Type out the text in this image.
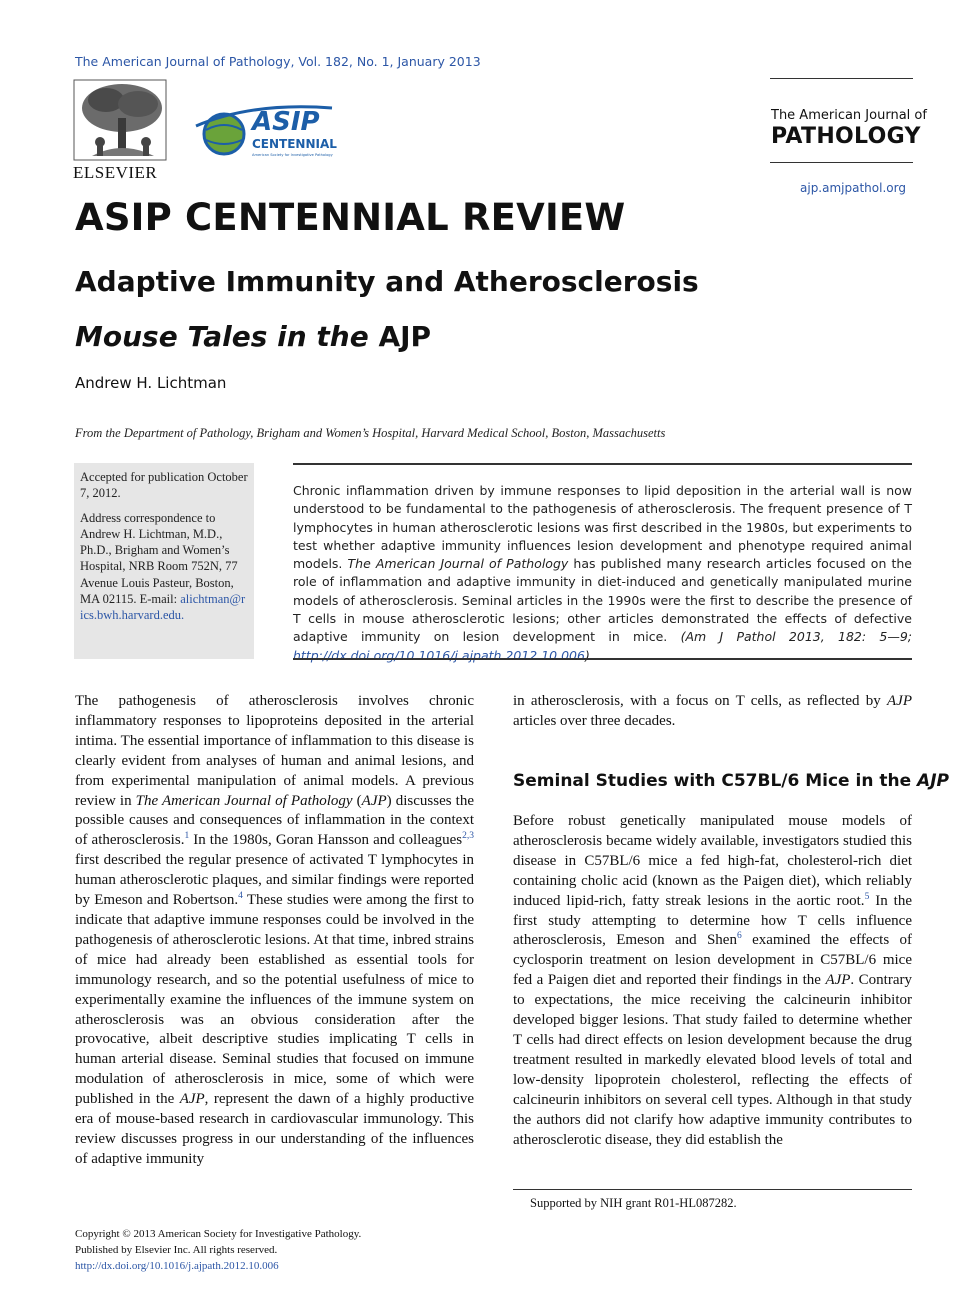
The American Journal of Pathology, Vol. 182, No. 1, January 2013
ELSEVIER
ASIP
CENTENNIAL
American Society for Investigative Pathology
The American Journal of
PATHOLOGY
ajp.amjpathol.org
ASIP CENTENNIAL REVIEW
Adaptive Immunity and Atherosclerosis
Mouse Tales in the AJP
Andrew H. Lichtman
From the Department of Pathology, Brigham and Women’s Hospital, Harvard Medical School, Boston, Massachusetts

Accepted for publication October 7, 2012.

Address correspondence to Andrew H. Lichtman, M.D., Ph.D., Brigham and Women’s Hospital, NRB Room 752N, 77 Avenue Louis Pasteur, Boston, MA 02115. E-mail: alichtman@rics.bwh.harvard.edu.

Chronic inflammation driven by immune responses to lipid deposition in the arterial wall is now understood to be fundamental to the pathogenesis of atherosclerosis. The frequent presence of T lymphocytes in human atherosclerotic lesions was first described in the 1980s, but experiments to test whether adaptive immunity influences lesion development and phenotype required animal models. The American Journal of Pathology has published many research articles focused on the role of inflammation and adaptive immunity in diet-induced and genetically manipulated murine models of atherosclerosis. Seminal articles in the 1990s were the first to describe the presence of T cells in mouse atherosclerotic lesions; other articles demonstrated the effects of defective adaptive immunity on lesion development in mice. (Am J Pathol 2013, 182: 5—9; http://dx.doi.org/10.1016/j.ajpath.2012.10.006)

The pathogenesis of atherosclerosis involves chronic inflammatory responses to lipoproteins deposited in the arterial intima. The essential importance of inflammation to this disease is clearly evident from analyses of human and animal lesions, and from experimental manipulation of animal models. A previous review in The American Journal of Pathology (AJP) discusses the possible causes and consequences of inflammation in the context of atherosclerosis.$^1$ In the 1980s, Goran Hansson and colleagues$^{2,3}$ first described the regular presence of activated T lymphocytes in human atherosclerotic plaques, and similar findings were reported by Emeson and Robertson.$^4$ These studies were among the first to indicate that adaptive immune responses could be involved in the pathogenesis of atherosclerotic lesions. At that time, inbred strains of mice had already been established as essential tools for immunology research, and so the potential usefulness of mice to experimentally examine the influences of the immune system on atherosclerosis was an obvious consideration after the provocative, albeit descriptive studies implicating T cells in human arterial disease. Seminal studies that focused on immune modulation of atherosclerosis in mice, some of which were published in the AJP, represent the dawn of a highly productive era of mouse-based research in cardiovascular immunology. This review discusses progress in our understanding of the influences of adaptive immunity

in atherosclerosis, with a focus on T cells, as reflected by AJP articles over three decades.

Seminal Studies with C57BL/6 Mice in the AJP

Before robust genetically manipulated mouse models of atherosclerosis became widely available, investigators studied this disease in C57BL/6 mice a fed high-fat, cholesterol-rich diet containing cholic acid (known as the Paigen diet), which reliably induced lipid-rich, fatty streak lesions in the aortic root.$^5$ In the first study attempting to determine how T cells influence atherosclerosis, Emeson and Shen$^6$ examined the effects of cyclosporin treatment on lesion development in C57BL/6 mice fed a Paigen diet and reported their findings in the AJP. Contrary to expectations, the mice receiving the calcineurin inhibitor developed bigger lesions. That study failed to determine whether T cells had direct effects on lesion development because the drug treatment resulted in markedly elevated blood levels of total and low-density lipoprotein cholesterol, reflecting the effects of calcineurin inhibitors on several cell types. Although in that study the authors did not clarify how adaptive immunity contributes to atherosclerotic disease, they did establish the

Supported by NIH grant R01-HL087282.
Copyright © 2013 American Society for Investigative Pathology.
Published by Elsevier Inc. All rights reserved.
http://dx.doi.org/10.1016/j.ajpath.2012.10.006
